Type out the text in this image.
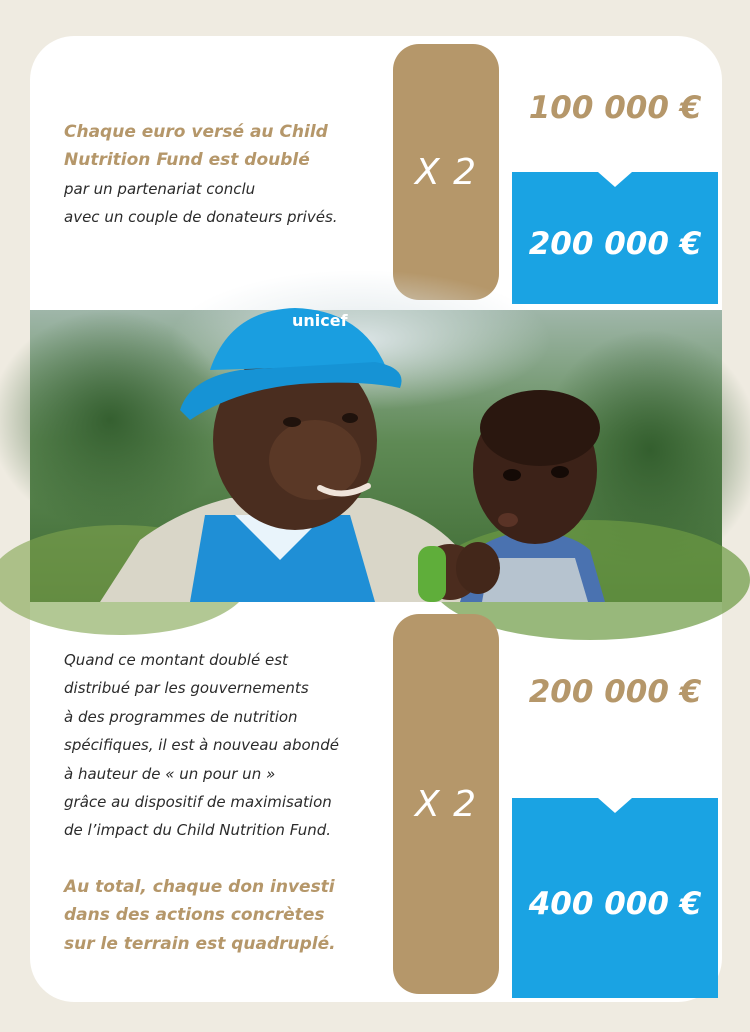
Chaque euro versé au Child
Nutrition Fund est doublé
par un partenariat conclu
avec un couple de donateurs privés.
X 2
100 000 €
200 000 €
unicef
© UNICEF/UNI610093/Dejongh
Quand ce montant doublé est
distribué par les gouvernements
à des programmes de nutrition
spécifiques, il est à nouveau abondé
à hauteur de « un pour un »
grâce au dispositif de maximisation
de l’impact du Child Nutrition Fund.
Au total, chaque don investi
dans des actions concrètes
sur le terrain est quadruplé.
X 2
200 000 €
400 000 €
